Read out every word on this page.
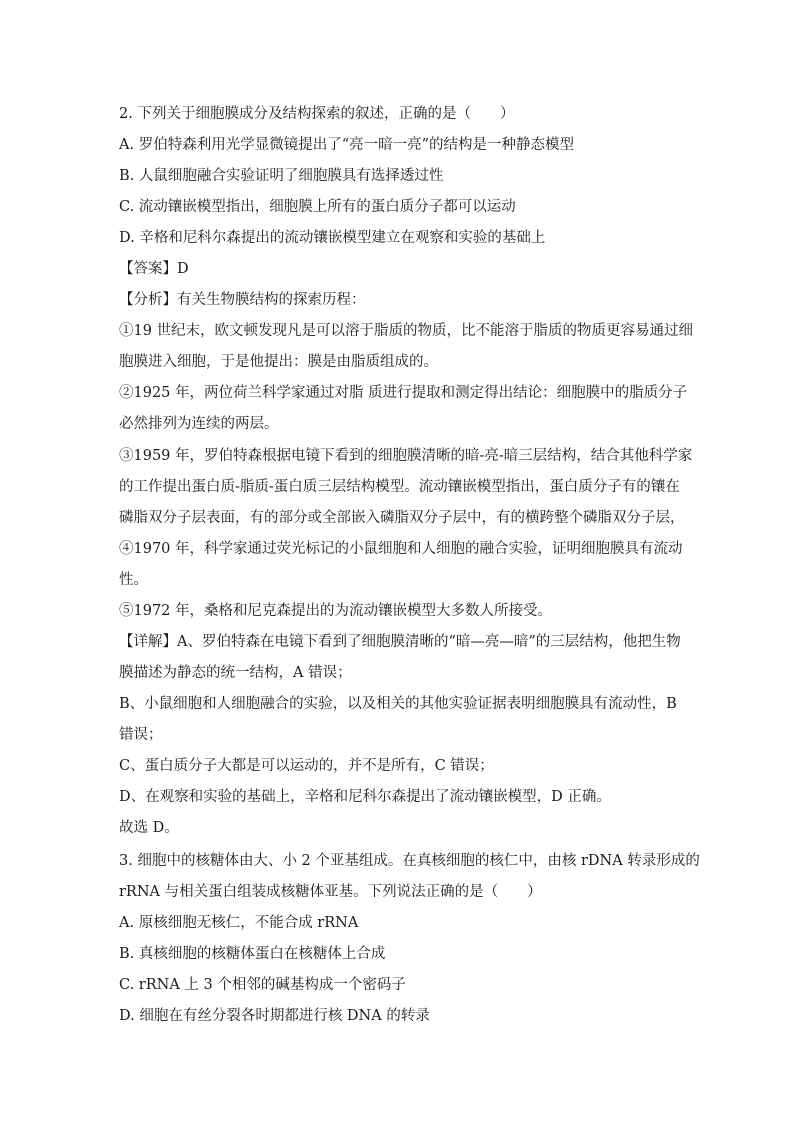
2. 下列关于细胞膜成分及结构探索的叙述，正确的是（　　）
A. 罗伯特森利用光学显微镜提出了“亮一暗一亮”的结构是一种静态模型
B. 人鼠细胞融合实验证明了细胞膜具有选择透过性
C. 流动镶嵌模型指出，细胞膜上所有的蛋白质分子都可以运动
D. 辛格和尼科尔森提出的流动镶嵌模型建立在观察和实验的基础上
【答案】D
【分析】有关生物膜结构的探索历程：
①19 世纪末，欧文顿发现凡是可以溶于脂质的物质，比不能溶于脂质的物质更容易通过细
胞膜进入细胞，于是他提出：膜是由脂质组成的。
②1925 年，两位荷兰科学家通过对脂 质进行提取和测定得出结论：细胞膜中的脂质分子
必然排列为连续的两层。
③1959 年，罗伯特森根据电镜下看到的细胞膜清晰的暗-亮-暗三层结构，结合其他科学家
的工作提出蛋白质-脂质-蛋白质三层结构模型。流动镶嵌模型指出，蛋白质分子有的镶在
磷脂双分子层表面，有的部分或全部嵌入磷脂双分子层中，有的横跨整个磷脂双分子层，
④1970 年，科学家通过荧光标记的小鼠细胞和人细胞的融合实验，证明细胞膜具有流动
性。
⑤1972 年，桑格和尼克森提出的为流动镶嵌模型大多数人所接受。
【详解】A、罗伯特森在电镜下看到了细胞膜清晰的“暗—亮—暗”的三层结构，他把生物
膜描述为静态的统一结构，A 错误；
B、小鼠细胞和人细胞融合的实验，以及相关的其他实验证据表明细胞膜具有流动性，B
错误；
C、蛋白质分子大都是可以运动的，并不是所有，C 错误；
D、在观察和实验的基础上，辛格和尼科尔森提出了流动镶嵌模型，D 正确。
故选 D。
3. 细胞中的核糖体由大、小 2 个亚基组成。在真核细胞的核仁中，由核 rDNA 转录形成的
rRNA 与相关蛋白组装成核糖体亚基。下列说法正确的是（　　）
A. 原核细胞无核仁，不能合成 rRNA
B. 真核细胞的核糖体蛋白在核糖体上合成
C. rRNA 上 3 个相邻的碱基构成一个密码子
D. 细胞在有丝分裂各时期都进行核 DNA 的转录
